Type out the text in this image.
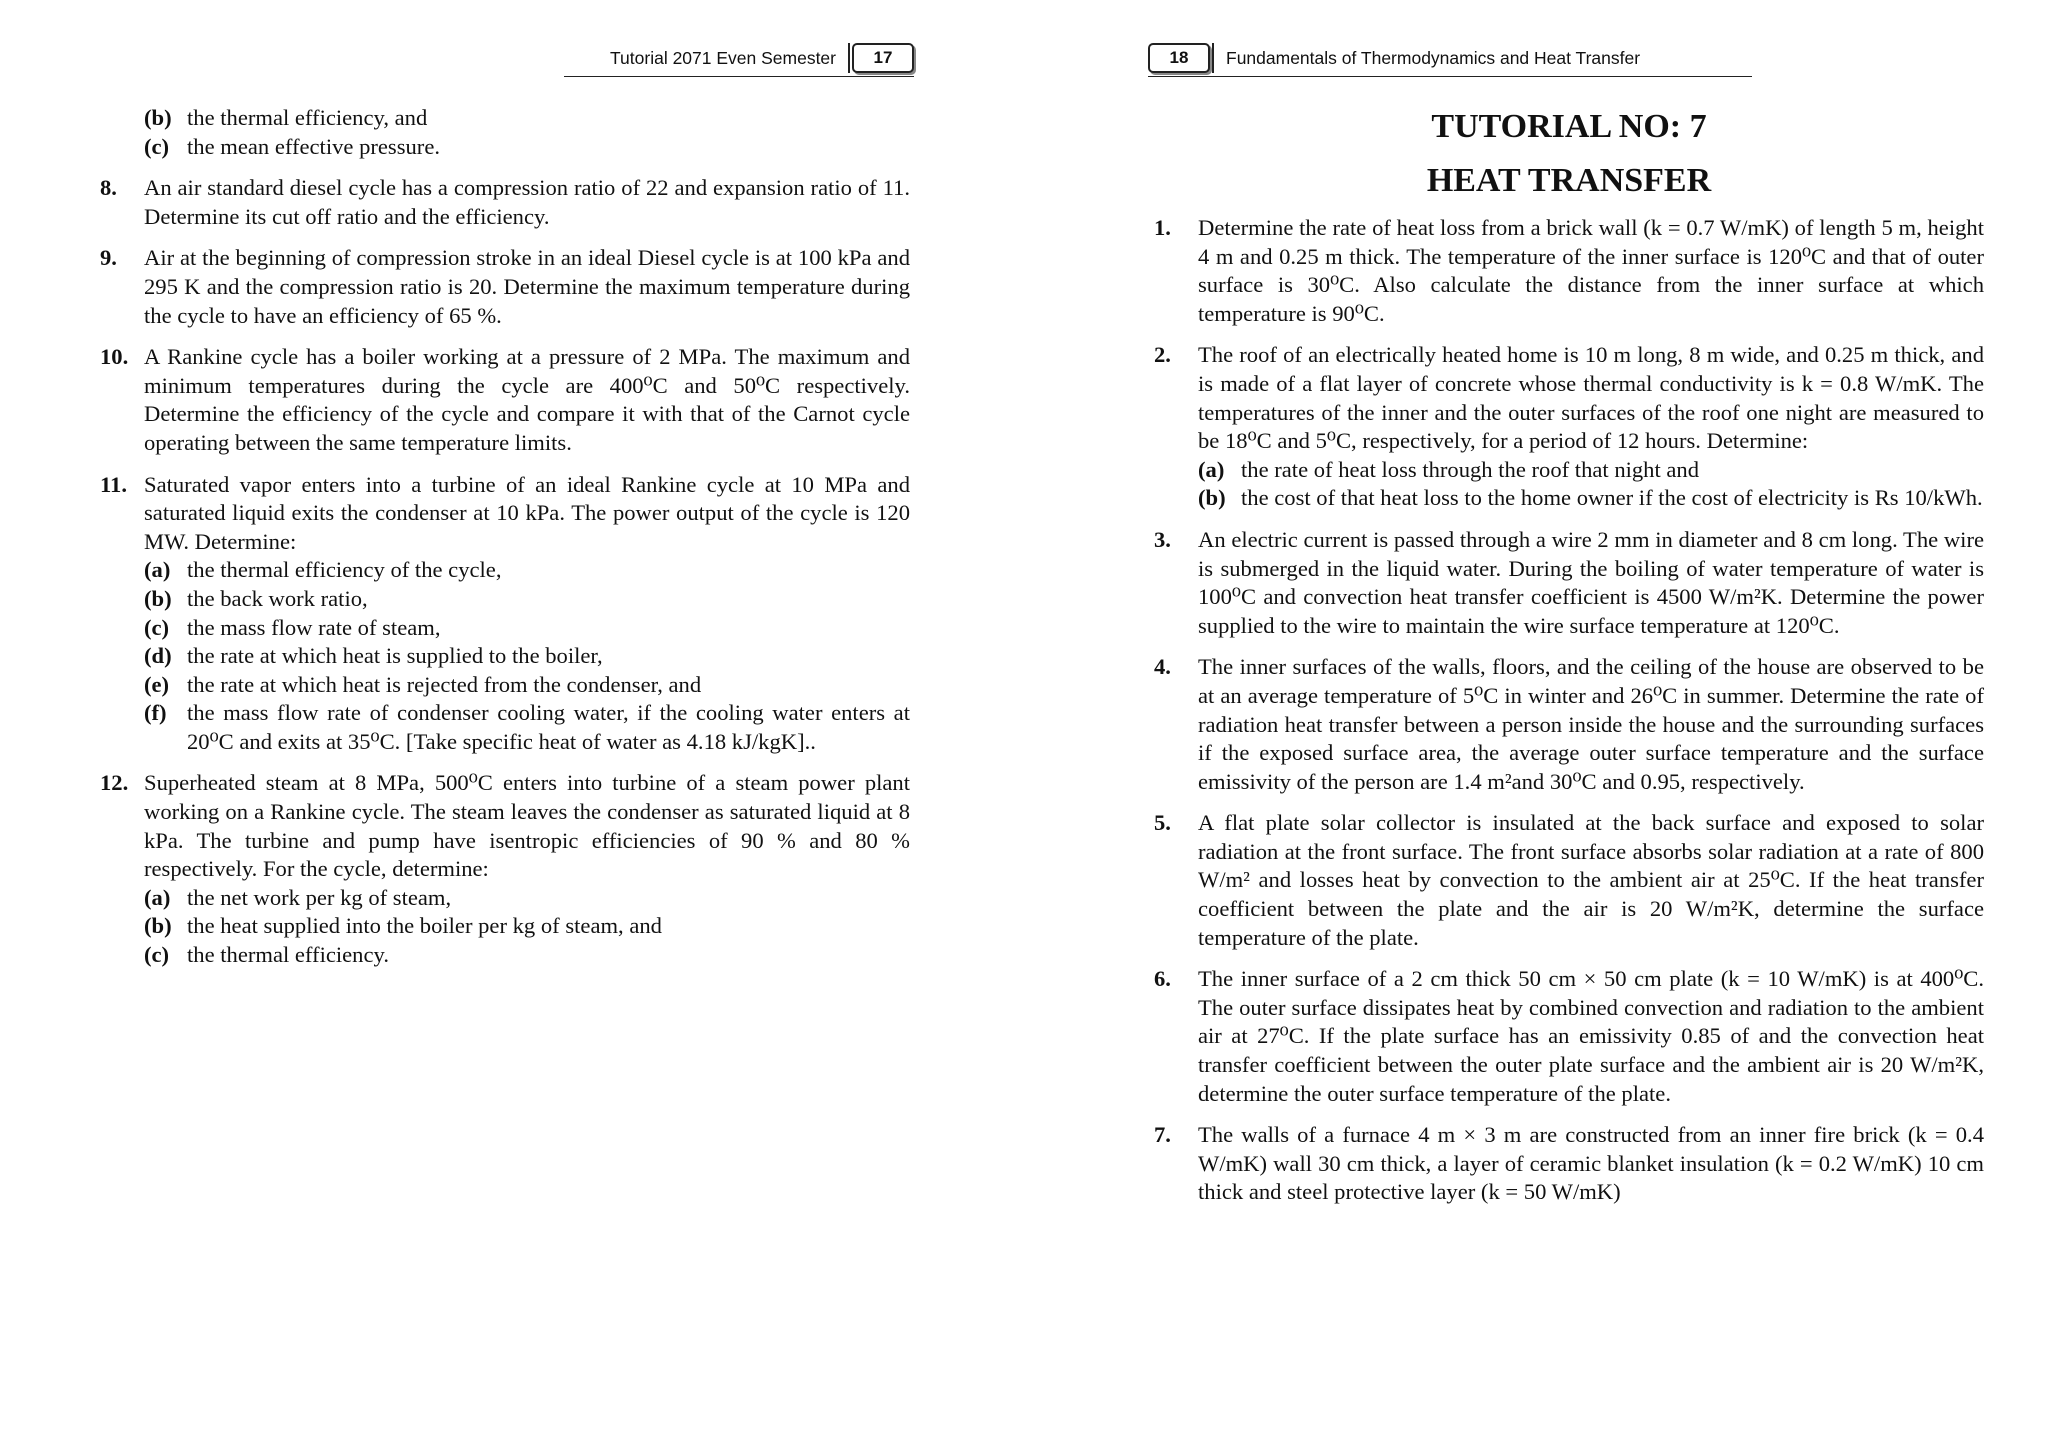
Tutorial 2071 Even Semester	17
(b) the thermal efficiency, and
(c) the mean effective pressure.
8.	An air standard diesel cycle has a compression ratio of 22 and expansion ratio of 11. Determine its cut off ratio and the efficiency.
9.	Air at the beginning of compression stroke in an ideal Diesel cycle is at 100 kPa and 295 K and the compression ratio is 20. Determine the maximum temperature during the cycle to have an efficiency of 65 %.
10. A Rankine cycle has a boiler working at a pressure of 2 MPa. The maximum and minimum temperatures during the cycle are 400⁰C and 50⁰C respectively. Determine the efficiency of the cycle and compare it with that of the Carnot cycle operating between the same temperature limits.
11. Saturated vapor enters into a turbine of an ideal Rankine cycle at 10 MPa and saturated liquid exits the condenser at 10 kPa. The power output of the cycle is 120 MW. Determine:
(a) the thermal efficiency of the cycle,
(b) the back work ratio,
(c) the mass flow rate of steam,
(d) the rate at which heat is supplied to the boiler,
(e) the rate at which heat is rejected from the condenser, and
(f) the mass flow rate of condenser cooling water, if the cooling water enters at 20⁰C and exits at 35⁰C. [Take specific heat of water as 4.18 kJ/kgK]..
12. Superheated steam at 8 MPa, 500⁰C enters into turbine of a steam power plant working on a Rankine cycle. The steam leaves the condenser as saturated liquid at 8 kPa. The turbine and pump have isentropic efficiencies of 90 % and 80 % respectively. For the cycle, determine:
(a) the net work per kg of steam,
(b) the heat supplied into the boiler per kg of steam, and
(c) the thermal efficiency.
18	Fundamentals of Thermodynamics and Heat Transfer
TUTORIAL NO: 7
HEAT TRANSFER
1.	Determine the rate of heat loss from a brick wall (k = 0.7 W/mK) of length 5 m, height 4 m and 0.25 m thick. The temperature of the inner surface is 120⁰C and that of outer surface is 30⁰C. Also calculate the distance from the inner surface at which temperature is 90⁰C.
2.	The roof of an electrically heated home is 10 m long, 8 m wide, and 0.25 m thick, and is made of a flat layer of concrete whose thermal conductivity is k = 0.8 W/mK. The temperatures of the inner and the outer surfaces of the roof one night are measured to be 18⁰C and 5⁰C, respectively, for a period of 12 hours. Determine:
(a) the rate of heat loss through the roof that night and
(b) the cost of that heat loss to the home owner if the cost of electricity is Rs 10/kWh.
3.	An electric current is passed through a wire 2 mm in diameter and 8 cm long. The wire is submerged in the liquid water. During the boiling of water temperature of water is 100⁰C and convection heat transfer coefficient is 4500 W/m²K. Determine the power supplied to the wire to maintain the wire surface temperature at 120⁰C.
4.	The inner surfaces of the walls, floors, and the ceiling of the house are observed to be at an average temperature of 5⁰C in winter and 26⁰C in summer. Determine the rate of radiation heat transfer between a person inside the house and the surrounding surfaces if the exposed surface area, the average outer surface temperature and the surface emissivity of the person are 1.4 m²and 30⁰C and 0.95, respectively.
5.	A flat plate solar collector is insulated at the back surface and exposed to solar radiation at the front surface. The front surface absorbs solar radiation at a rate of 800 W/m² and losses heat by convection to the ambient air at 25⁰C. If the heat transfer coefficient between the plate and the air is 20 W/m²K, determine the surface temperature of the plate.
6.	The inner surface of a 2 cm thick 50 cm × 50 cm plate (k = 10 W/mK) is at 400⁰C. The outer surface dissipates heat by combined convection and radiation to the ambient air at 27⁰C. If the plate surface has an emissivity 0.85 of and the convection heat transfer coefficient between the outer plate surface and the ambient air is 20 W/m²K, determine the outer surface temperature of the plate.
7.	The walls of a furnace 4 m × 3 m are constructed from an inner fire brick (k = 0.4 W/mK) wall 30 cm thick, a layer of ceramic blanket insulation (k = 0.2 W/mK) 10 cm thick and steel protective layer (k = 50 W/mK)
